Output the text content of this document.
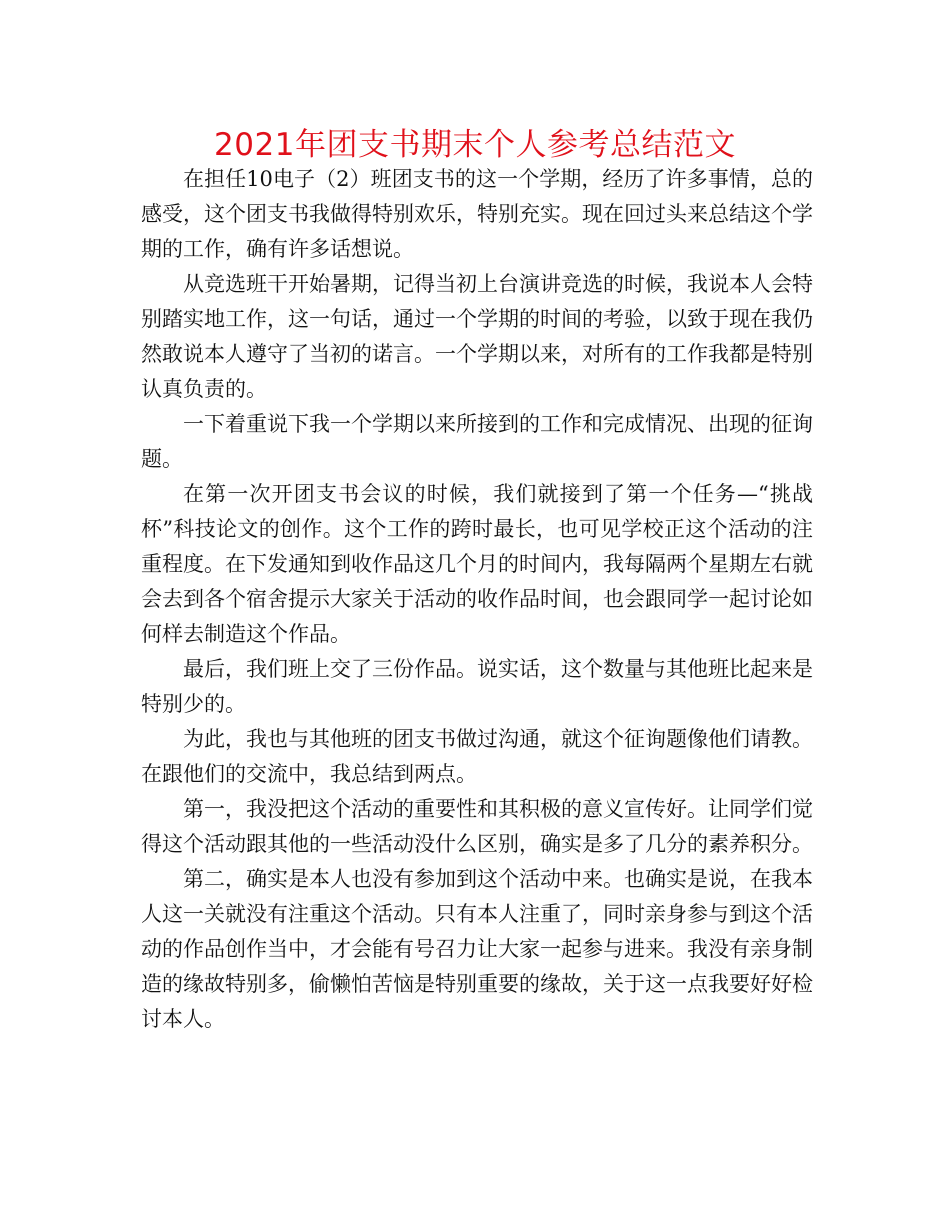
2021年团支书期末个人参考总结范文

在担任10电子（2）班团支书的这一个学期，经历了许多事情，总的感受，这个团支书我做得特别欢乐，特别充实。现在回过头来总结这个学期的工作，确有许多话想说。

从竞选班干开始暑期，记得当初上台演讲竞选的时候，我说本人会特别踏实地工作，这一句话，通过一个学期的时间的考验，以致于现在我仍然敢说本人遵守了当初的诺言。一个学期以来，对所有的工作我都是特别认真负责的。

一下着重说下我一个学期以来所接到的工作和完成情况、出现的征询题。

在第一次开团支书会议的时候，我们就接到了第一个任务—“挑战杯”科技论文的创作。这个工作的跨时最长，也可见学校正这个活动的注重程度。在下发通知到收作品这几个月的时间内，我每隔两个星期左右就会去到各个宿舍提示大家关于活动的收作品时间，也会跟同学一起讨论如何样去制造这个作品。

最后，我们班上交了三份作品。说实话，这个数量与其他班比起来是特别少的。

为此，我也与其他班的团支书做过沟通，就这个征询题像他们请教。在跟他们的交流中，我总结到两点。

第一，我没把这个活动的重要性和其积极的意义宣传好。让同学们觉得这个活动跟其他的一些活动没什么区别，确实是多了几分的素养积分。

第二，确实是本人也没有参加到这个活动中来。也确实是说，在我本人这一关就没有注重这个活动。只有本人注重了，同时亲身参与到这个活动的作品创作当中，才会能有号召力让大家一起参与进来。我没有亲身制造的缘故特别多，偷懒怕苦恼是特别重要的缘故，关于这一点我要好好检讨本人。
